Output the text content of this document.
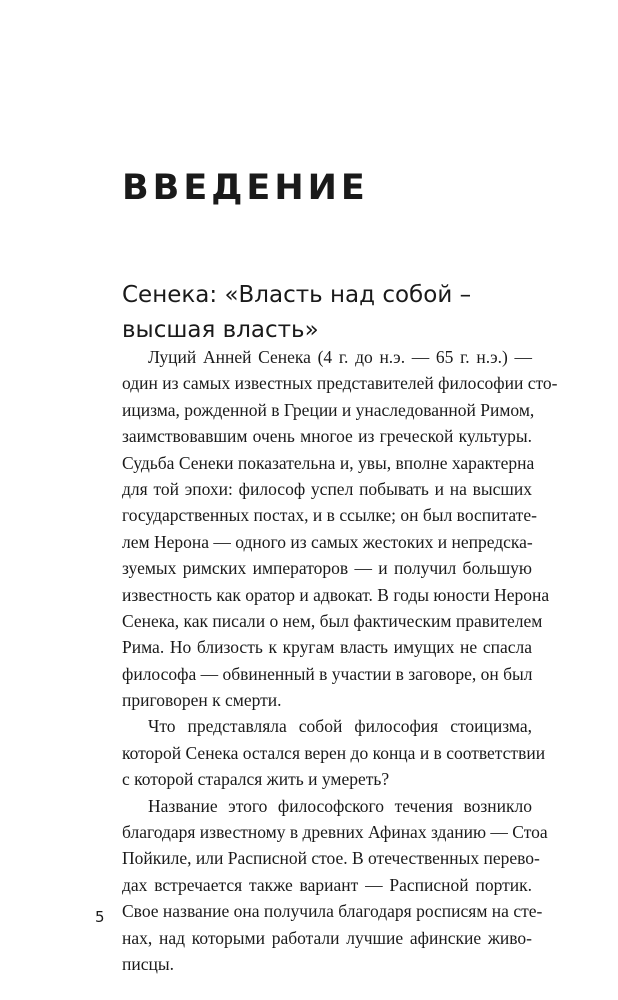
ВВЕДЕНИЕ
Сенека: «Власть над собой –
высшая власть»
Луций Анней Сенека (4 г. до н.э. — 65 г. н.э.) —
один из самых известных представителей философии сто-
ицизма, рожденной в Греции и унаследованной Римом,
заимствовавшим очень многое из греческой культуры.
Судьба Сенеки показательна и, увы, вполне характерна
для той эпохи: философ успел побывать и на высших
государственных постах, и в ссылке; он был воспитате-
лем Нерона — одного из самых жестоких и непредска-
зуемых римских императоров — и получил большую
известность как оратор и адвокат. В годы юности Нерона
Сенека, как писали о нем, был фактическим правителем
Рима. Но близость к кругам власть имущих не спасла
философа — обвиненный в участии в заговоре, он был
приговорен к смерти.
Что представляла собой философия стоицизма,
которой Сенека остался верен до конца и в соответствии
с которой старался жить и умереть?
Название этого философского течения возникло
благодаря известному в древних Афинах зданию — Стоа
Пойкиле, или Расписной стое. В отечественных перево-
дах встречается также вариант — Расписной портик.
Свое название она получила благодаря росписям на сте-
нах, над которыми работали лучшие афинские живо-
писцы.
5
